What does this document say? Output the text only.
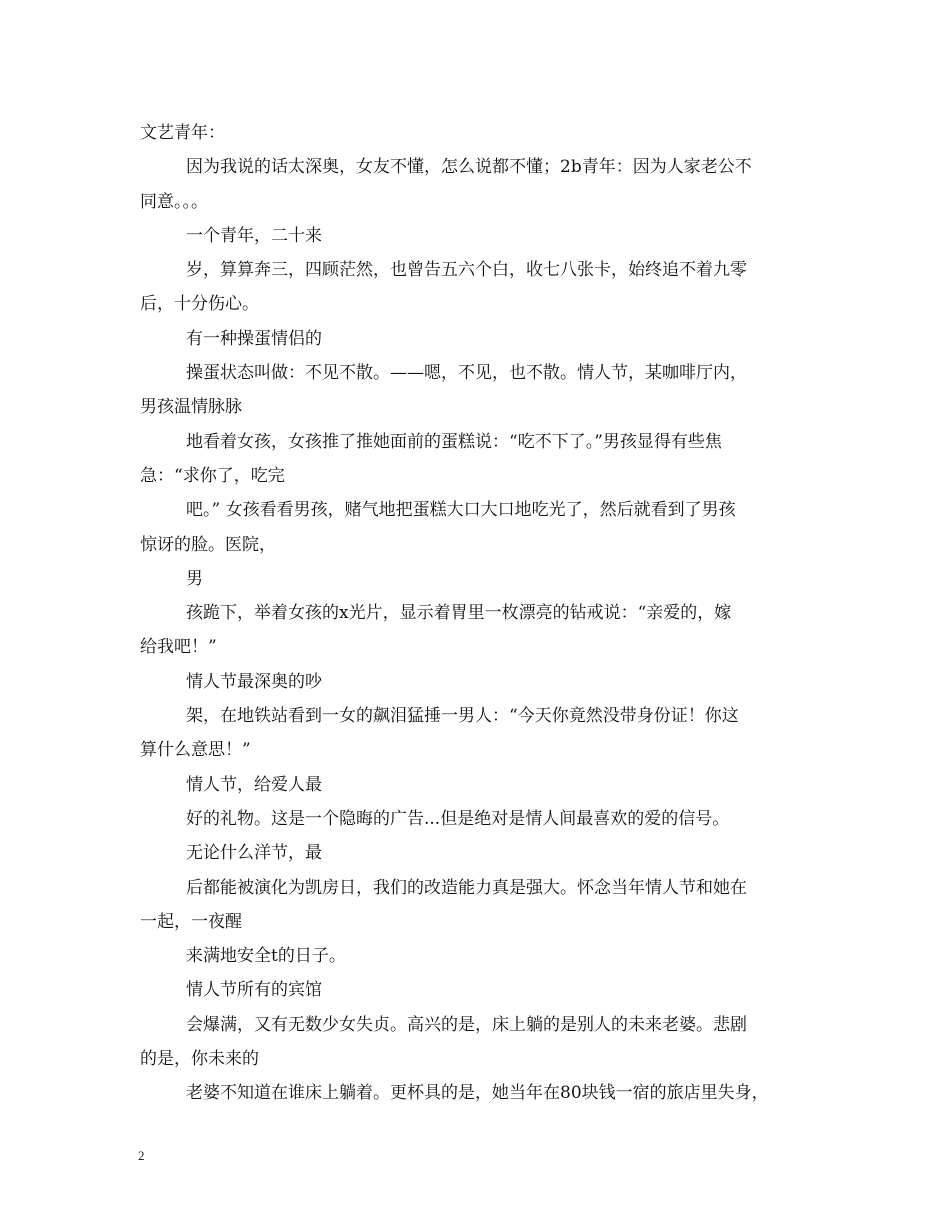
文艺青年：
因为我说的话太深奥，女友不懂，怎么说都不懂；2b青年：因为人家老公不
同意。。。
一个青年，二十来
岁，算算奔三，四顾茫然，也曾告五六个白，收七八张卡，始终追不着九零
后，十分伤心。
有一种操蛋情侣的
操蛋状态叫做：不见不散。——嗯，不见，也不散。情人节，某咖啡厅内，
男孩温情脉脉
地看着女孩，女孩推了推她面前的蛋糕说：“吃不下了。”男孩显得有些焦
急：“求你了，吃完
吧。” 女孩看看男孩，赌气地把蛋糕大口大口地吃光了，然后就看到了男孩
惊讶的脸。医院，
男
孩跪下，举着女孩的x光片，显示着胃里一枚漂亮的钻戒说：“亲爱的，嫁
给我吧！”
情人节最深奥的吵
架，在地铁站看到一女的飙泪猛捶一男人：“今天你竟然没带身份证！你这
算什么意思！”
情人节，给爱人最
好的礼物。这是一个隐晦的广告...但是绝对是情人间最喜欢的爱的信号。
无论什么洋节，最
后都能被演化为凯房日，我们的改造能力真是强大。怀念当年情人节和她在
一起，一夜醒
来满地安全t的日子。
情人节所有的宾馆
会爆满，又有无数少女失贞。高兴的是，床上躺的是别人的未来老婆。悲剧
的是，你未来的
老婆不知道在谁床上躺着。更杯具的是，她当年在80块钱一宿的旅店里失身，
2
